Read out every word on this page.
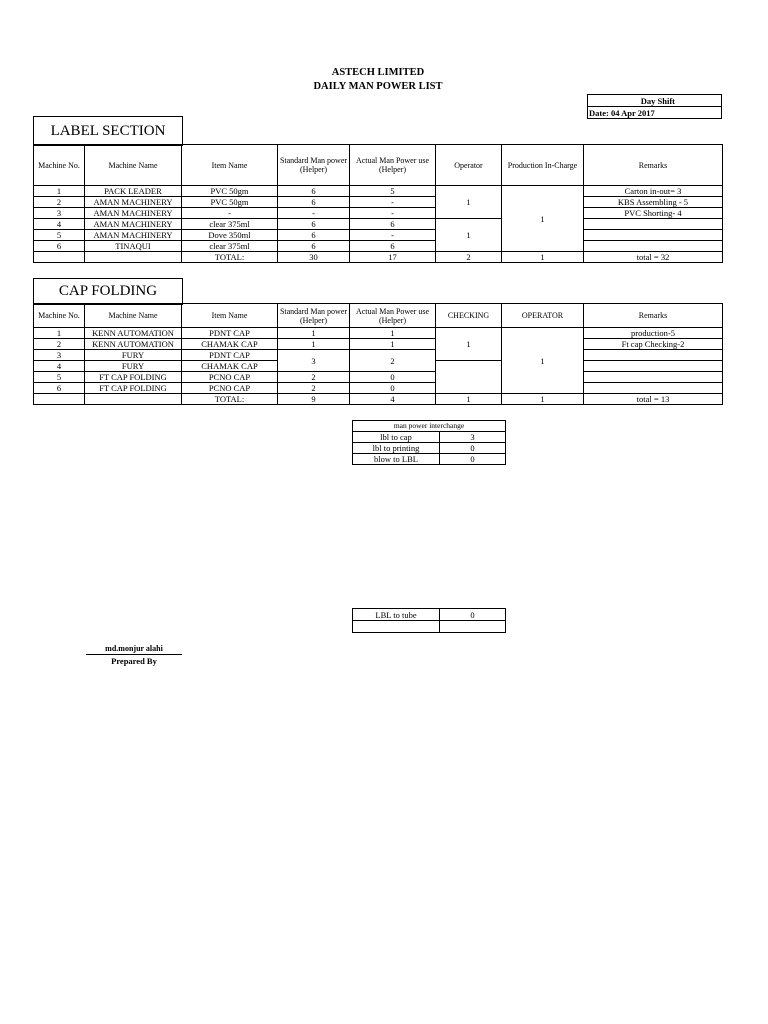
ASTECH LIMITED
DAILY MAN POWER LIST
Day Shift
Date: 04 Apr 2017
LABEL SECTION
Machine No.	Machine Name	Item Name	Standard Man power (Helper)	Actual Man Power use (Helper)	Operator	Production In-Charge	Remarks
1	PACK LEADER	PVC 50gm	6	5	1	1	Carton in-out= 3
2	AMAN MACHINERY	PVC 50gm	6	-			KBS Assembling - 5
3	AMAN MACHINERY	-	-	-			PVC Shorting- 4
4	AMAN MACHINERY	clear 375ml	6	6	1		
5	AMAN MACHINERY	Dove 350ml	6	-			
6	TINAQUI	clear 375ml	6	6			
		TOTAL:	30	17	2	1	total = 32
CAP FOLDING
Machine No.	Machine Name	Item Name	Standard Man power (Helper)	Actual Man Power use (Helper)	CHECKING	OPERATOR	Remarks
1	KENN AUTOMATION	PDNT CAP	1	1	1	1	production-5
2	KENN AUTOMATION	CHAMAK CAP	1	1			Ft cap Checking-2
3	FURY	PDNT CAP	3	2			
4	FURY	CHAMAK CAP					
5	FT CAP FOLDING	PCNO CAP	2	0			
6	FT CAP FOLDING	PCNO CAP	2	0			
		TOTAL:	9	4	1	1	total = 13
man power interchange	
lbl to cap	3
lbl to printing	0
blow to LBL	0
LBL to tube	0

md.monjur alahi
Prepared By
